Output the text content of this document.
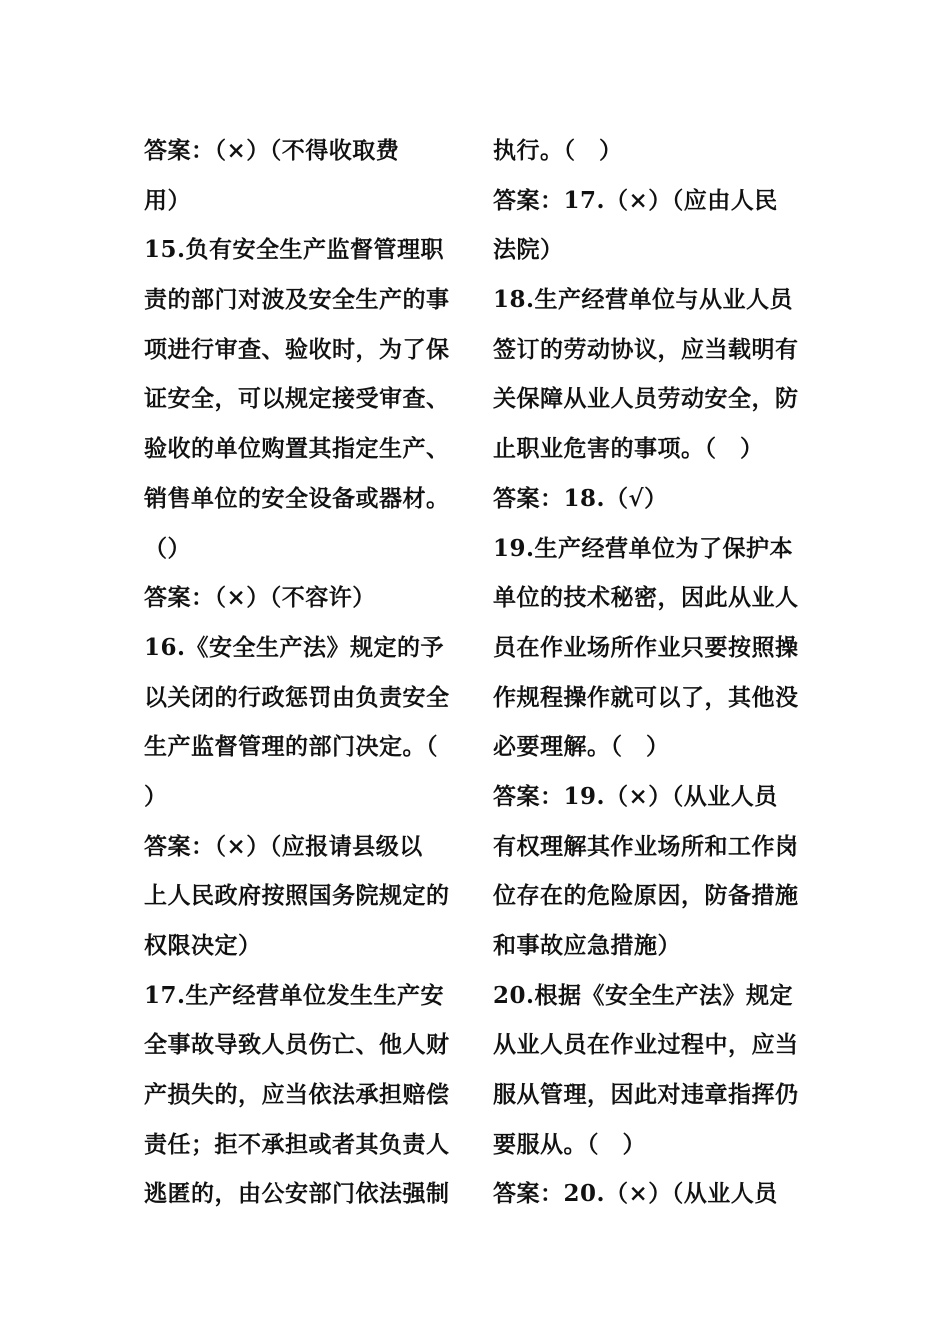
答案：（×）（不得收取费
用）
15.负有安全生产监督管理职
责的部门对波及安全生产的事
项进行审查、验收时，为了保
证安全，可以规定接受审查、
验收的单位购置其指定生产、
销售单位的安全设备或器材。
（）
答案：（×）（不容许）
16.《安全生产法》规定的予
以关闭的行政惩罚由负责安全
生产监督管理的部门决定。（
）
答案：（×）（应报请县级以
上人民政府按照国务院规定的
权限决定）
17.生产经营单位发生生产安
全事故导致人员伤亡、他人财
产损失的，应当依法承担赔偿
责任；拒不承担或者其负责人
逃匿的，由公安部门依法强制
执行。（　）
答案：17.（×）（应由人民
法院）
18.生产经营单位与从业人员
签订的劳动协议，应当载明有
关保障从业人员劳动安全，防
止职业危害的事项。（　）
答案：18.（√）
19.生产经营单位为了保护本
单位的技术秘密，因此从业人
员在作业场所作业只要按照操
作规程操作就可以了，其他没
必要理解。（　）
答案：19.（×）（从业人员
有权理解其作业场所和工作岗
位存在的危险原因，防备措施
和事故应急措施）
20.根据《安全生产法》规定
从业人员在作业过程中，应当
服从管理，因此对违章指挥仍
要服从。（　）
答案：20.（×）（从业人员
